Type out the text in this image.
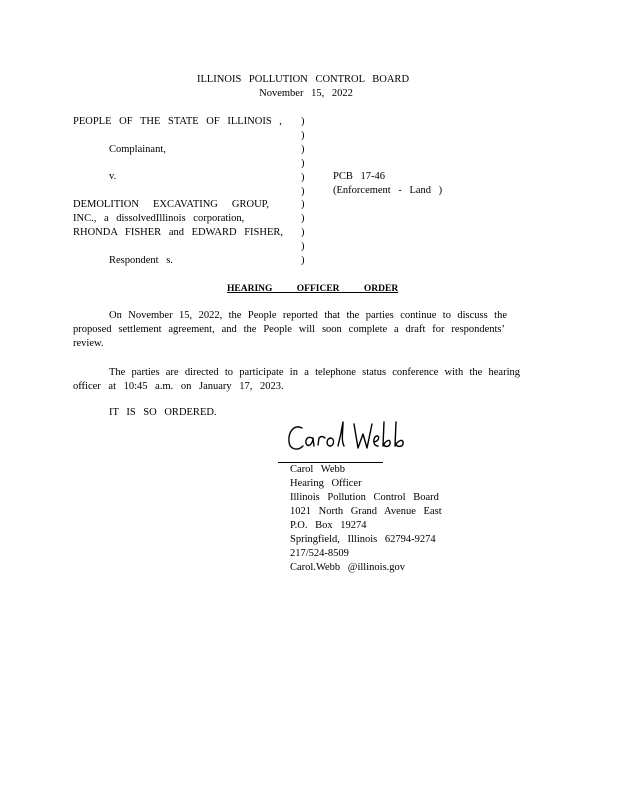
ILLINOIS POLLUTION CONTROL BOARD
November 15, 2022
PEOPLE OF THE STATE OF ILLINOIS ,
Complainant,
v.
DEMOLITION EXCAVATING GROUP,
INC., a dissolvedIllinois corporation,
RHONDA FISHER and EDWARD FISHER,
Respondent s.
)
)
)
)
)
)
)
)
)
)
)
PCB 17-46
(Enforcement - Land )
HEARING OFFICER ORDER
On November 15, 2022, the People reported that the parties continue to discuss the
proposed settlement agreement, and the People will soon complete a draft for respondents’
review.
The parties are directed to participate in a telephone status conference with the hearing
officer at 10:45 a.m. on January 17, 2023.
IT IS SO ORDERED.
Carol Webb
Hearing Officer
Illinois Pollution Control Board
1021 North Grand Avenue East
P.O. Box 19274
Springfield, Illinois 62794-9274
217/524-8509
Carol.Webb @illinois.gov
